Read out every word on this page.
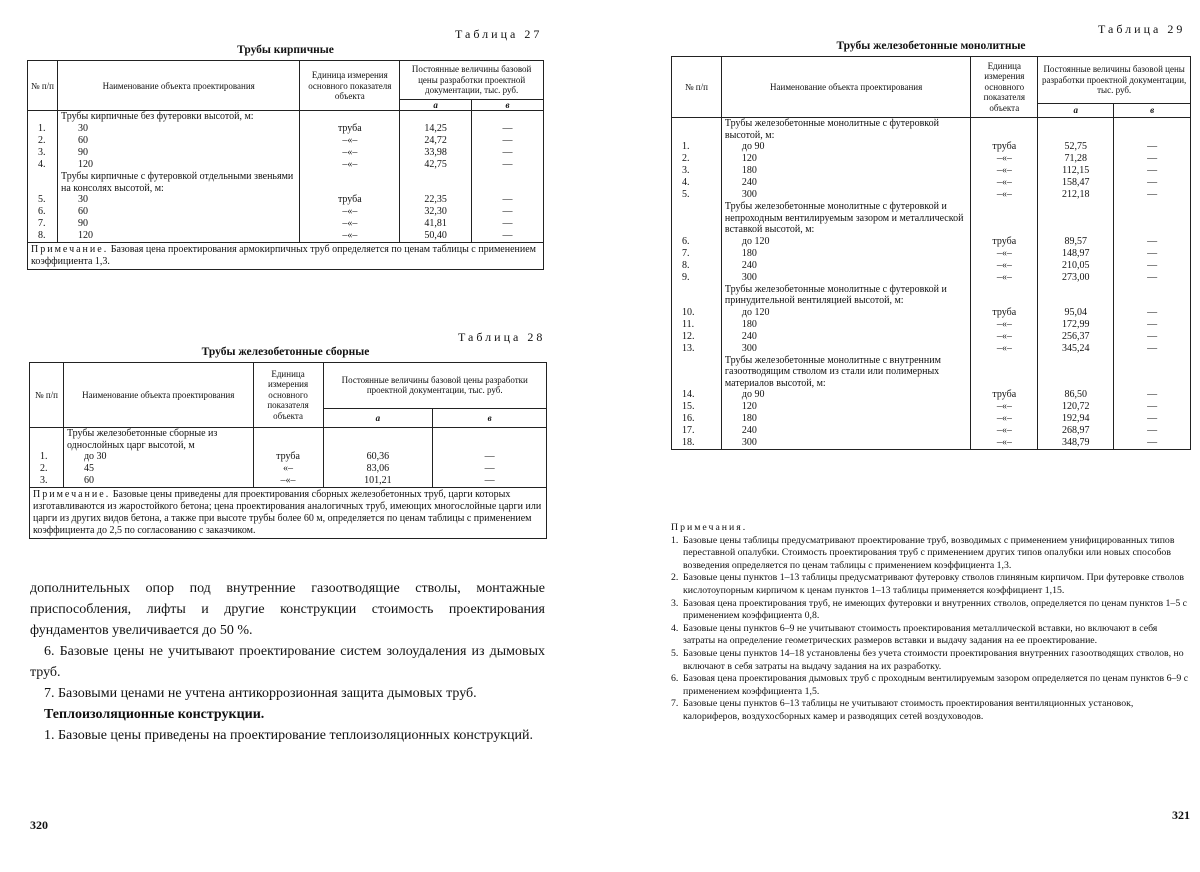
Таблица 27
Трубы кирпичные
№ п/п	Наименование объекта проектирования	Единица измерения основного показателя объекта	Постоянные величины базовой цены разработки проектной документации, тыс. руб.	
			а	в
	Трубы кирпичные без футеровки высотой, м:			
1.	30	труба	14,25	—
2.	60	–«–	24,72	—
3.	90	–«–	33,98	—
4.	120	–«–	42,75	—
	Трубы кирпичные с футеровкой отдельными звеньями на консолях высотой, м:			
5.	30	труба	22,35	—
6.	60	–«–	32,30	—
7.	90	–«–	41,81	—
8.	120	–«–	50,40	—
Примечание. Базовая цена проектирования армокирпичных труб определяется по ценам таблицы с применением коэффициента 1,3.				
Таблица 28
Трубы железобетонные сборные
№ п/п	Наименование объекта проектирования	Единица измерения основного показателя объекта	Постоянные величины базовой цены разработки проектной документации, тыс. руб.	
			а	в
	Трубы железобетонные сборные из однослойных царг высотой, м			
1.	до 30	труба	60,36	—
2.	45	«–	83,06	—
3.	60	–«–	101,21	—
Примечание. Базовые цены приведены для проектирования сборных железобетонных труб, царги которых изготавливаются из жаростойкого бетона; цена проектирования аналогичных труб, имеющих многослойные царги или царги из других видов бетона, а также при высоте трубы более 60 м, определяется по ценам таблицы с применением коэффициента до 2,5 по согласованию с заказчиком.				

дополнительных опор под внутренние газоотводящие стволы, монтажные приспособления, лифты и другие конструкции стоимость проектирования фундаментов увеличивается до 50 %.

6. Базовые цены не учитывают проектирование систем золоудаления из дымовых труб.

7. Базовыми ценами не учтена антикоррозионная защита дымовых труб.

Теплоизоляционные конструкции.

1. Базовые цены приведены на проектирование теплоизоляционных конструкций.

320
Таблица 29
Трубы железобетонные монолитные
№ п/п	Наименование объекта проектирования	Единица измерения основного показателя объекта	Постоянные величины базовой цены разработки проектной документации, тыс. руб.	
			а	в
	Трубы железобетонные монолитные с футеровкой высотой, м:			
1.	до 90	труба	52,75	—
2.	120	–«–	71,28	—
3.	180	–«–	112,15	—
4.	240	–«–	158,47	—
5.	300	–«–	212,18	—
	Трубы железобетонные монолитные с футеровкой и непроходным вентилируемым зазором и металлической вставкой высотой, м:			
6.	до 120	труба	89,57	—
7.	180	–«–	148,97	—
8.	240	–«–	210,05	—
9.	300	–«–	273,00	—
	Трубы железобетонные монолитные с футеровкой и принудительной вентиляцией высотой, м:			
10.	до 120	труба	95,04	—
11.	180	–«–	172,99	—
12.	240	–«–	256,37	—
13.	300	–«–	345,24	—
	Трубы железобетонные монолитные с внутренним газоотводящим стволом из стали или полимерных материалов высотой, м:			
14.	до 90	труба	86,50	—
15.	120	–«–	120,72	—
16.	180	–«–	192,94	—
17.	240	–«–	268,97	—
18.	300	–«–	348,79	—
Примечания.
1. Базовые цены таблицы предусматривают проектирование труб, возводимых с применением унифицированных типов переставной опалубки. Стоимость проектирования труб с применением других типов опалубки или новых способов возведения определяется по ценам таблицы с применением коэффициента 1,3.
2. Базовые цены пунктов 1–13 таблицы предусматривают футеровку стволов глиняным кирпичом. При футеровке стволов кислотоупорным кирпичом к ценам пунктов 1–13 таблицы применяется коэффициент 1,15.
3. Базовая цена проектирования труб, не имеющих футеровки и внутренних стволов, определяется по ценам пунктов 1–5 с применением коэффициента 0,8.
4. Базовые цены пунктов 6–9 не учитывают стоимость проектирования металлической вставки, но включают в себя затраты на определение геометрических размеров вставки и выдачу задания на ее проектирование.
5. Базовые цены пунктов 14–18 установлены без учета стоимости проектирования внутренних газоотводящих стволов, но включают в себя затраты на выдачу задания на их разработку.
6. Базовая цена проектирования дымовых труб с проходным вентилируемым зазором определяется по ценам пунктов 6–9 с применением коэффициента 1,5.
7. Базовые цены пунктов 6–13 таблицы не учитывают стоимость проектирования вентиляционных установок, калориферов, воздухосборных камер и разводящих сетей воздуховодов.
321
